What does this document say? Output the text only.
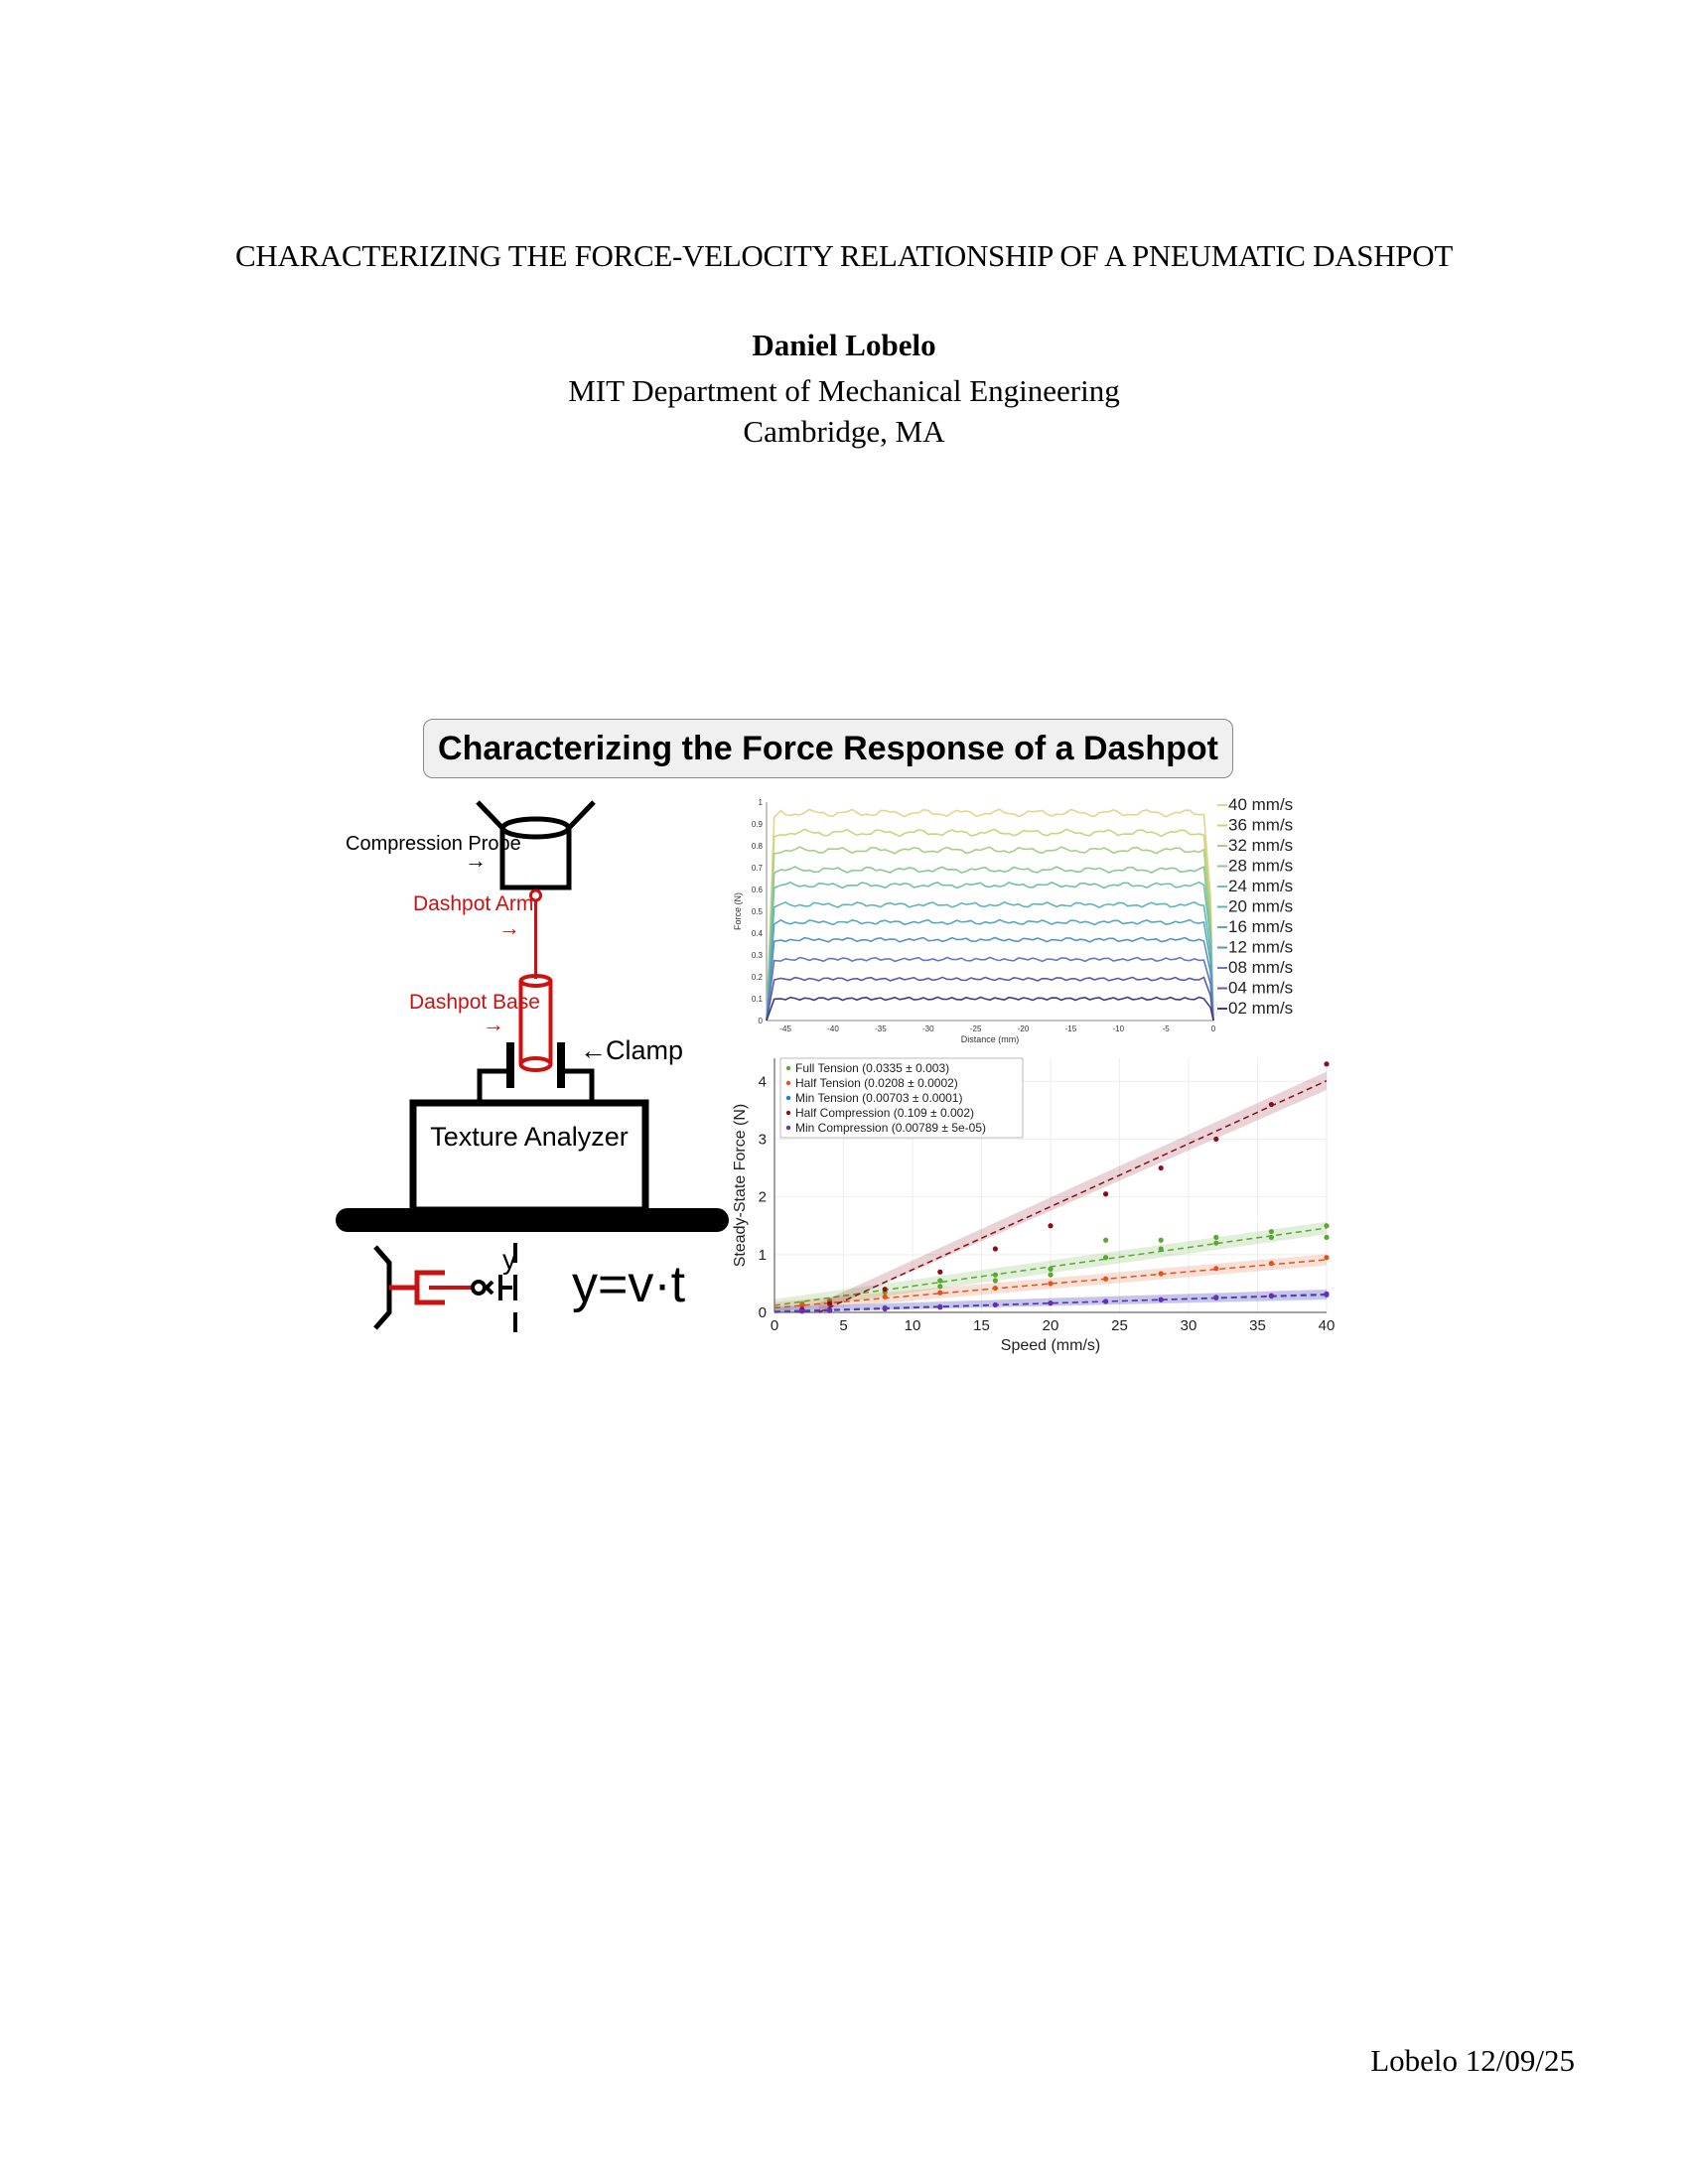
CHARACTERIZING THE FORCE-VELOCITY RELATIONSHIP OF A PNEUMATIC DASHPOT
Daniel Lobelo
MIT Department of Mechanical Engineering
Cambridge, MA
Characterizing the Force Response of a Dashpot
Compression Probe
→
Dashpot Arm
→
Dashpot Base
→
← Clamp
Texture Analyzer
y y=v·t
-45	-40	-35	-30	-25	-20	-15	-10	-5	0
0
0.1
0.2
0.3
0.4
0.5
0.6
0.7
0.8
0.9
1
Distance (mm)
Force (N)
40 mm/s
36 mm/s
32 mm/s
28 mm/s
24 mm/s
20 mm/s
16 mm/s
12 mm/s
08 mm/s
04 mm/s
02 mm/s
0	5	10	15	20	25	30	35	40
0
1
2
3
4
Speed (mm/s)
Steady-State Force (N)
Full Tension (0.0335 ± 0.003)
Half Tension (0.0208 ± 0.0002)
Min Tension (0.00703 ± 0.0001)
Half Compression (0.109 ± 0.002)
Min Compression (0.00789 ± 5e-05)
Lobelo 12/09/25
